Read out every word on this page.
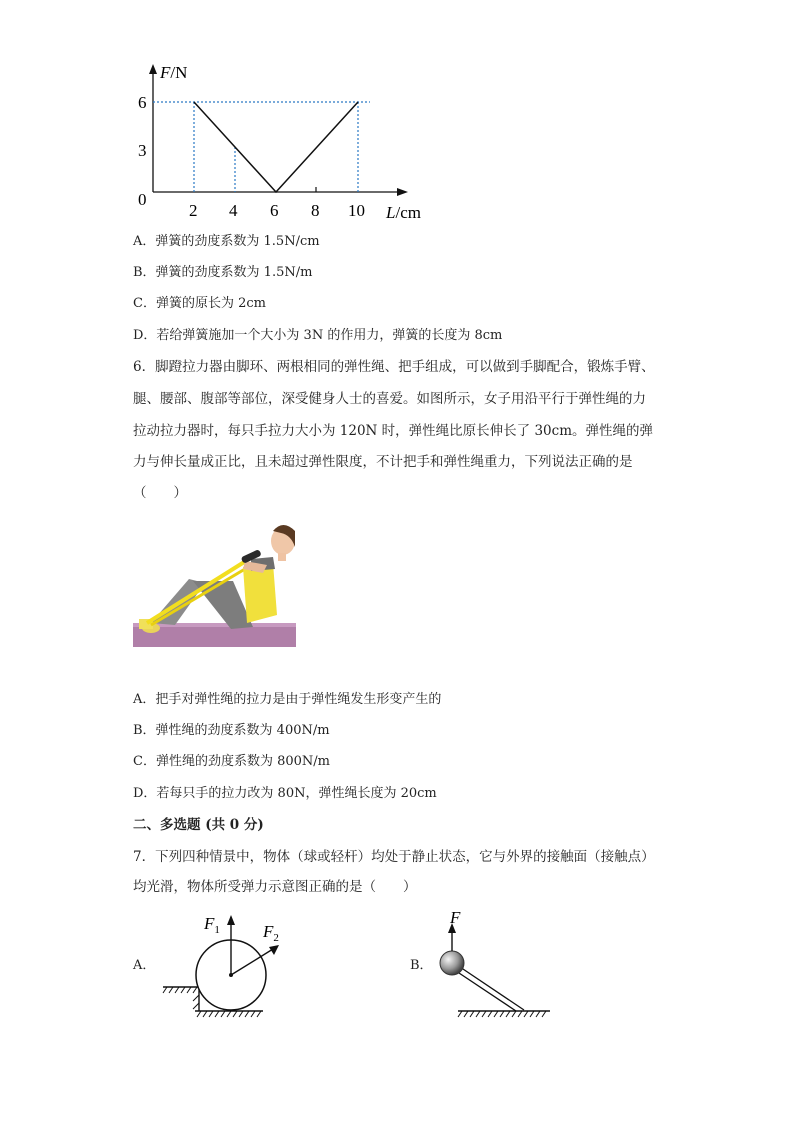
F/N
L/cm
6
3
0
2 4 6 8 10
A．弹簧的劲度系数为 1.5N/cm
B．弹簧的劲度系数为 1.5N/m
C．弹簧的原长为 2cm
D．若给弹簧施加一个大小为 3N 的作用力，弹簧的长度为 8cm
6．脚蹬拉力器由脚环、两根相同的弹性绳、把手组成，可以做到手脚配合，锻炼手臂、
腿、腰部、腹部等部位，深受健身人士的喜爱。如图所示，女子用沿平行于弹性绳的力
拉动拉力器时，每只手拉力大小为 120N 时，弹性绳比原长伸长了 30cm。弹性绳的弹
力与伸长量成正比，且未超过弹性限度，不计把手和弹性绳重力，下列说法正确的是
（　　）
A．把手对弹性绳的拉力是由于弹性绳发生形变产生的
B．弹性绳的劲度系数为 400N/m
C．弹性绳的劲度系数为 800N/m
D．若每只手的拉力改为 80N，弹性绳长度为 20cm
二、多选题 (共 0 分)
7．下列四种情景中，物体（球或轻杆）均处于静止状态，它与外界的接触面（接触点）
均光滑，物体所受弹力示意图正确的是（　　）
A．
$F_1$	$F_2$
B．
F
